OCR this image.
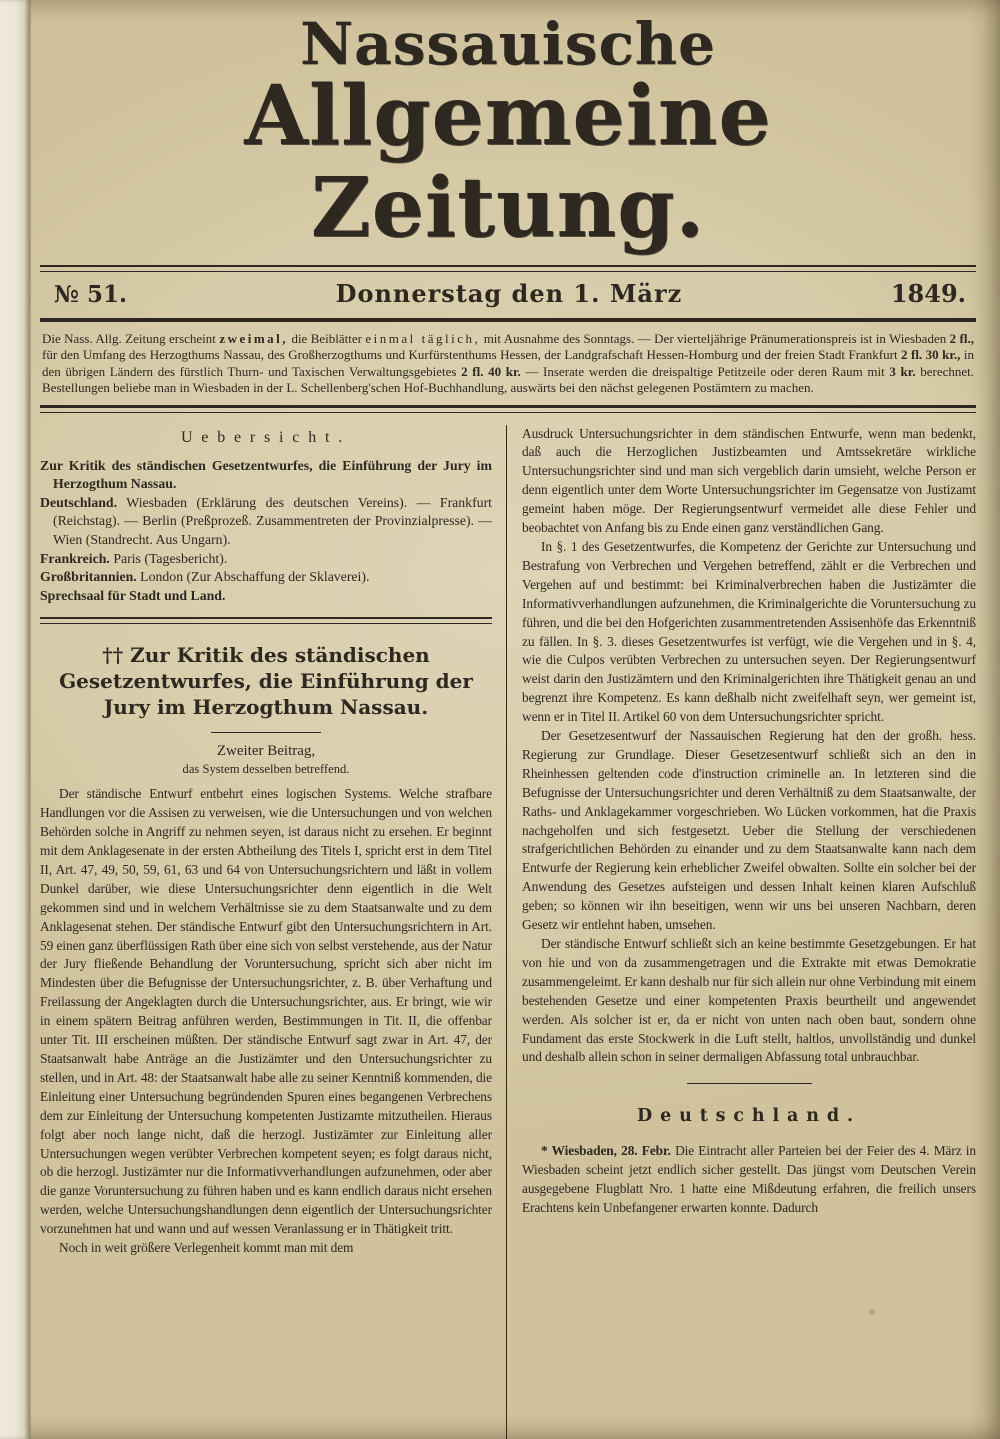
Nassauische
Allgemeine Zeitung.
№ 51.	Donnerstag den 1. März	1849.

Die Nass. Allg. Zeitung erscheint zweimal, die Beiblätter einmal täglich, mit Ausnahme des Sonntags. — Der vierteljährige Pränumerationspreis ist in Wiesbaden 2 fl., für den Umfang des Herzogthums Nassau, des Großherzogthums und Kurfürstenthums Hessen, der Landgrafschaft Hessen-Homburg und der freien Stadt Frankfurt 2 fl. 30 kr., in den übrigen Ländern des fürstlich Thurn- und Taxischen Verwaltungsgebietes 2 fl. 40 kr. — Inserate werden die dreispaltige Petitzeile oder deren Raum mit 3 kr. berechnet. Bestellungen beliebe man in Wiesbaden in der L. Schellenberg'schen Hof-Buchhandlung, auswärts bei den nächst gelegenen Postämtern zu machen.

Uebersicht.
Zur Kritik des ständischen Gesetzentwurfes, die Einführung der Jury im Herzogthum Nassau.
Deutschland. Wiesbaden (Erklärung des deutschen Vereins). — Frankfurt (Reichstag). — Berlin (Preßprozeß. Zusammentreten der Provinzialpresse). — Wien (Standrecht. Aus Ungarn).
Frankreich. Paris (Tagesbericht).
Großbritannien. London (Zur Abschaffung der Sklaverei).
Sprechsaal für Stadt und Land.
†† Zur Kritik des ständischen Gesetzentwurfes, die Einführung der Jury im Herzogthum Nassau.
Zweiter Beitrag,
das System desselben betreffend.

Der ständische Entwurf entbehrt eines logischen Systems. Welche strafbare Handlungen vor die Assisen zu verweisen, wie die Untersuchungen und von welchen Behörden solche in Angriff zu nehmen seyen, ist daraus nicht zu ersehen. Er beginnt mit dem Anklagesenate in der ersten Abtheilung des Titels I, spricht erst in dem Titel II, Art. 47, 49, 50, 59, 61, 63 und 64 von Untersuchungsrichtern und läßt in vollem Dunkel darüber, wie diese Untersuchungsrichter denn eigentlich in die Welt gekommen sind und in welchem Verhältnisse sie zu dem Staatsanwalte und zu dem Anklagesenat stehen. Der ständische Entwurf gibt den Untersuchungsrichtern in Art. 59 einen ganz überflüssigen Rath über eine sich von selbst verstehende, aus der Natur der Jury fließende Behandlung der Voruntersuchung, spricht sich aber nicht im Mindesten über die Befugnisse der Untersuchungsrichter, z. B. über Verhaftung und Freilassung der Angeklagten durch die Untersuchungsrichter, aus. Er bringt, wie wir in einem spätern Beitrag anführen werden, Bestimmungen in Tit. II, die offenbar unter Tit. III erscheinen müßten. Der ständische Entwurf sagt zwar in Art. 47, der Staatsanwalt habe Anträge an die Justizämter und den Untersuchungsrichter zu stellen, und in Art. 48: der Staatsanwalt habe alle zu seiner Kenntniß kommenden, die Einleitung einer Untersuchung begründenden Spuren eines begangenen Verbrechens dem zur Einleitung der Untersuchung kompetenten Justizamte mitzutheilen. Hieraus folgt aber noch lange nicht, daß die herzogl. Justizämter zur Einleitung aller Untersuchungen wegen verübter Verbrechen kompetent seyen; es folgt daraus nicht, ob die herzogl. Justizämter nur die Informativverhandlungen aufzunehmen, oder aber die ganze Voruntersuchung zu führen haben und es kann endlich daraus nicht ersehen werden, welche Untersuchungshandlungen denn eigentlich der Untersuchungsrichter vorzunehmen hat und wann und auf wessen Veranlassung er in Thätigkeit tritt.

Noch in weit größere Verlegenheit kommt man mit dem

Ausdruck Untersuchungsrichter in dem ständischen Entwurfe, wenn man bedenkt, daß auch die Herzoglichen Justizbeamten und Amtssekretäre wirkliche Untersuchungsrichter sind und man sich vergeblich darin umsieht, welche Person er denn eigentlich unter dem Worte Untersuchungsrichter im Gegensatze von Justizamt gemeint haben möge. Der Regierungsentwurf vermeidet alle diese Fehler und beobachtet von Anfang bis zu Ende einen ganz verständlichen Gang.

In §. 1 des Gesetzentwurfes, die Kompetenz der Gerichte zur Untersuchung und Bestrafung von Verbrechen und Vergehen betreffend, zählt er die Verbrechen und Vergehen auf und bestimmt: bei Kriminalverbrechen haben die Justizämter die Informativverhandlungen aufzunehmen, die Kriminalgerichte die Voruntersuchung zu führen, und die bei den Hofgerichten zusammentretenden Assisenhöfe das Erkenntniß zu fällen. In §. 3. dieses Gesetzentwurfes ist verfügt, wie die Vergehen und in §. 4, wie die Culpos verübten Verbrechen zu untersuchen seyen. Der Regierungsentwurf weist darin den Justizämtern und den Kriminalgerichten ihre Thätigkeit genau an und begrenzt ihre Kompetenz. Es kann deßhalb nicht zweifelhaft seyn, wer gemeint ist, wenn er in Titel II. Artikel 60 von dem Untersuchungsrichter spricht.

Der Gesetzesentwurf der Nassauischen Regierung hat den der großh. hess. Regierung zur Grundlage. Dieser Gesetzesentwurf schließt sich an den in Rheinhessen geltenden code d'instruction criminelle an. In letzteren sind die Befugnisse der Untersuchungsrichter und deren Verhältniß zu dem Staatsanwalte, der Raths- und Anklagekammer vorgeschrieben. Wo Lücken vorkommen, hat die Praxis nachgeholfen und sich festgesetzt. Ueber die Stellung der verschiedenen strafgerichtlichen Behörden zu einander und zu dem Staatsanwalte kann nach dem Entwurfe der Regierung kein erheblicher Zweifel obwalten. Sollte ein solcher bei der Anwendung des Gesetzes aufsteigen und dessen Inhalt keinen klaren Aufschluß geben; so können wir ihn beseitigen, wenn wir uns bei unseren Nachbarn, deren Gesetz wir entlehnt haben, umsehen.

Der ständische Entwurf schließt sich an keine bestimmte Gesetzgebungen. Er hat von hie und von da zusammengetragen und die Extrakte mit etwas Demokratie zusammengeleimt. Er kann deshalb nur für sich allein nur ohne Verbindung mit einem bestehenden Gesetze und einer kompetenten Praxis beurtheilt und angewendet werden. Als solcher ist er, da er nicht von unten nach oben baut, sondern ohne Fundament das erste Stockwerk in die Luft stellt, haltlos, unvollständig und dunkel und deshalb allein schon in seiner dermaligen Abfassung total unbrauchbar.

Deutschland.

* Wiesbaden, 28. Febr. Die Eintracht aller Parteien bei der Feier des 4. März in Wiesbaden scheint jetzt endlich sicher gestellt. Das jüngst vom Deutschen Verein ausgegebene Flugblatt Nro. 1 hatte eine Mißdeutung erfahren, die freilich unsers Erachtens kein Unbefangener erwarten konnte. Dadurch
